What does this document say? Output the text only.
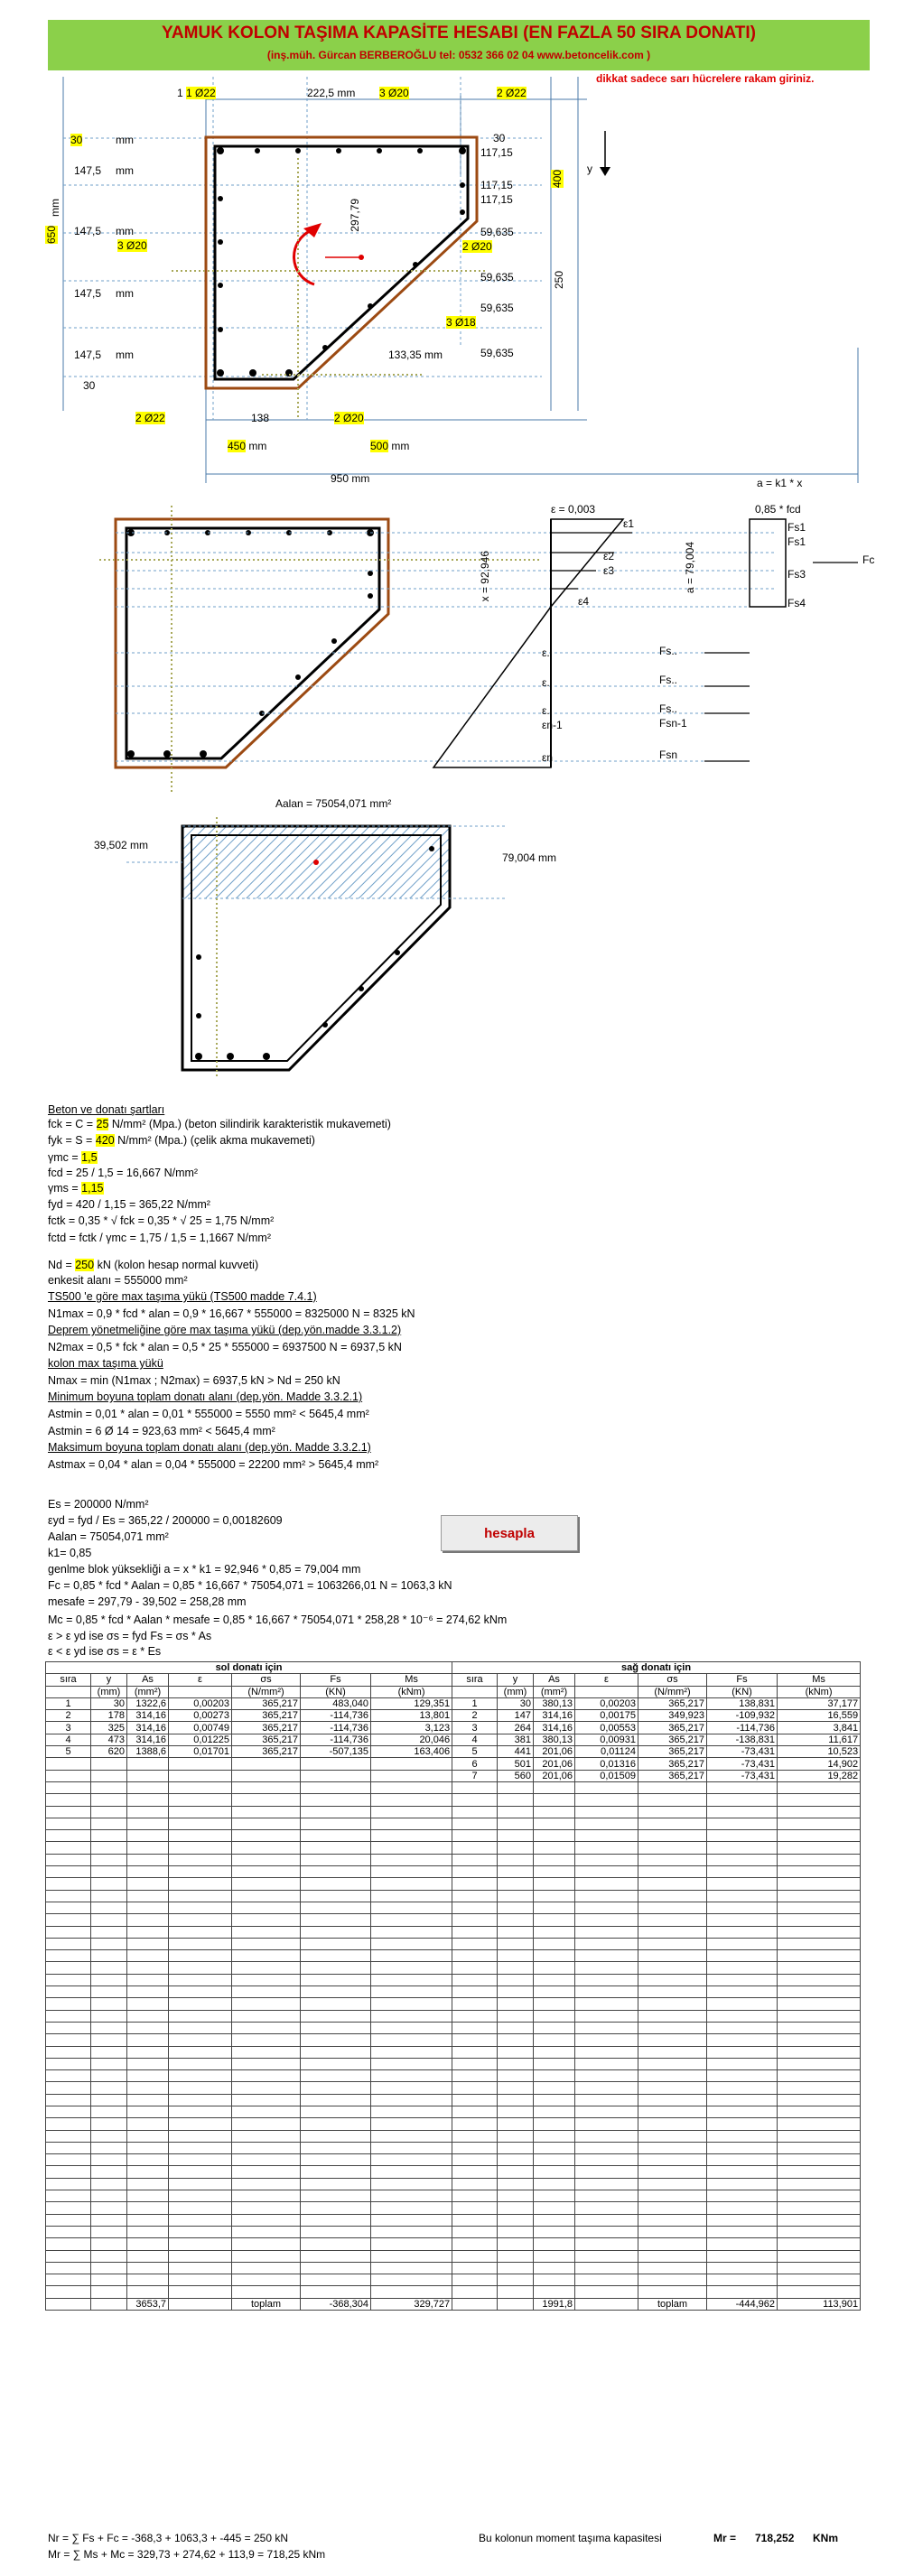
YAMUK KOLON TAŞIMA KAPASİTE HESABI (EN FAZLA 50 SIRA DONATI)
(inş.müh. Gürcan BERBEROĞLU tel: 0532 366 02 04 www.betoncelik.com )
dikkat sadece sarı hücrelere rakam giriniz.
1 1 Ø22	222,5 mm 3 Ø20	2 Ø22
30	mm
147,5
147,5
147,5
147,5
mm
mm
mm
mm
3 Ø20
30
650
mm
30
117,15
117,15
117,15
400
y
297,79
2 Ø20
59,635
59,635
59,635
59,635
250
3 Ø18
133,35 mm
2 Ø22	2 Ø20
138
450 mm	500 mm
950 mm	a = k1 * x
ε = 0,003	0,85 * fcd
ε1
ε2
ε3
ε4
Fs1
Fs1
Fs3
Fs4
Fc
x = 92,946
a = 79,004
ε..
ε..
ε..
εn-1
εn
Fs..
Fs..
Fs..
Fsn-1
Fsn
Aalan = 75054,071 mm²
39,502 mm
79,004 mm
Beton ve donatı şartları
fck = C = 25 N/mm² (Mpa.) (beton silindirik karakteristik mukavemeti)
fyk = S = 420 N/mm² (Mpa.) (çelik akma mukavemeti)
γmc = 1,5
fcd = 25 / 1,5 = 16,667 N/mm²
γms = 1,15
fyd = 420 / 1,15 = 365,22 N/mm²
fctk = 0,35 * √ fck = 0,35 * √ 25 = 1,75 N/mm²
fctd = fctk / γmc = 1,75 / 1,5 = 1,1667 N/mm²
Nd = 250 kN (kolon hesap normal kuvveti)
enkesit alanı = 555000 mm²
TS500 'e göre max taşıma yükü (TS500 madde 7.4.1)
N1max = 0,9 * fcd * alan = 0,9 * 16,667 * 555000 = 8325000 N = 8325 kN
Deprem yönetmeliğine göre max taşıma yükü (dep.yön.madde 3.3.1.2)
N2max = 0,5 * fck * alan = 0,5 * 25 * 555000 = 6937500 N = 6937,5 kN
kolon max taşıma yükü
Nmax = min (N1max ; N2max) = 6937,5 kN > Nd = 250 kN
Minimum boyuna toplam donatı alanı (dep.yön. Madde 3.3.2.1)
Astmin = 0,01 * alan = 0,01 * 555000 = 5550 mm² < 5645,4 mm²
Astmin = 6 Ø 14 = 923,63 mm² < 5645,4 mm²
Maksimum boyuna toplam donatı alanı (dep.yön. Madde 3.3.2.1)
Astmax = 0,04 * alan = 0,04 * 555000 = 22200 mm² > 5645,4 mm²
Es = 200000 N/mm²
εyd = fyd / Es = 365,22 / 200000 = 0,00182609
Aalan = 75054,071 mm²
k1= 0,85
genlme blok yüksekliği a = x * k1 = 92,946 * 0,85 = 79,004 mm
Fc = 0,85 * fcd * Aalan = 0,85 * 16,667 * 75054,071 = 1063266,01 N = 1063,3 kN
mesafe = 297,79 - 39,502 = 258,28 mm
Mc = 0,85 * fcd * Aalan * mesafe = 0,85 * 16,667 * 75054,071 * 258,28 * 10⁻⁶ = 274,62 kNm
ε > ε yd ise σs = fyd Fs = σs * As
ε < ε yd ise σs = ε * Es
hesapla
sol donatı için						
sıra	y	As	ε	σs	Fs	Ms
	(mm)	(mm²)		(N/mm²)	(KN)	(kNm)
1	30	1322,6	0,00203	365,217	483,040	129,351
2	178	314,16	0,00273	365,217	-114,736	13,801
3	325	314,16	0,00749	365,217	-114,736	3,123
4	473	314,16	0,01225	365,217	-114,736	20,046
5	620	1388,6	0,01701	365,217	-507,135	163,406

		3653,7		toplam	-368,304	329,727
sağ donatı için						
sıra	y	As	ε	σs	Fs	Ms
	(mm)	(mm²)		(N/mm²)	(KN)	(kNm)
1	30	380,13	0,00203	365,217	138,831	37,177
2	147	314,16	0,00175	349,923	-109,932	16,559
3	264	314,16	0,00553	365,217	-114,736	3,841
4	381	380,13	0,00931	365,217	-138,831	11,617
5	441	201,06	0,01124	365,217	-73,431	10,523
6	501	201,06	0,01316	365,217	-73,431	14,902
7	560	201,06	0,01509	365,217	-73,431	19,282

		1991,8		toplam	-444,962	113,901
Nr = ∑ Fs + Fc = -368,3 + 1063,3 + -445 = 250 kN
Mr = ∑ Ms + Mc = 329,73 + 274,62 + 113,9 = 718,25 kNm
Bu kolonun moment taşıma kapasitesi	Mr = 718,252 KNm
